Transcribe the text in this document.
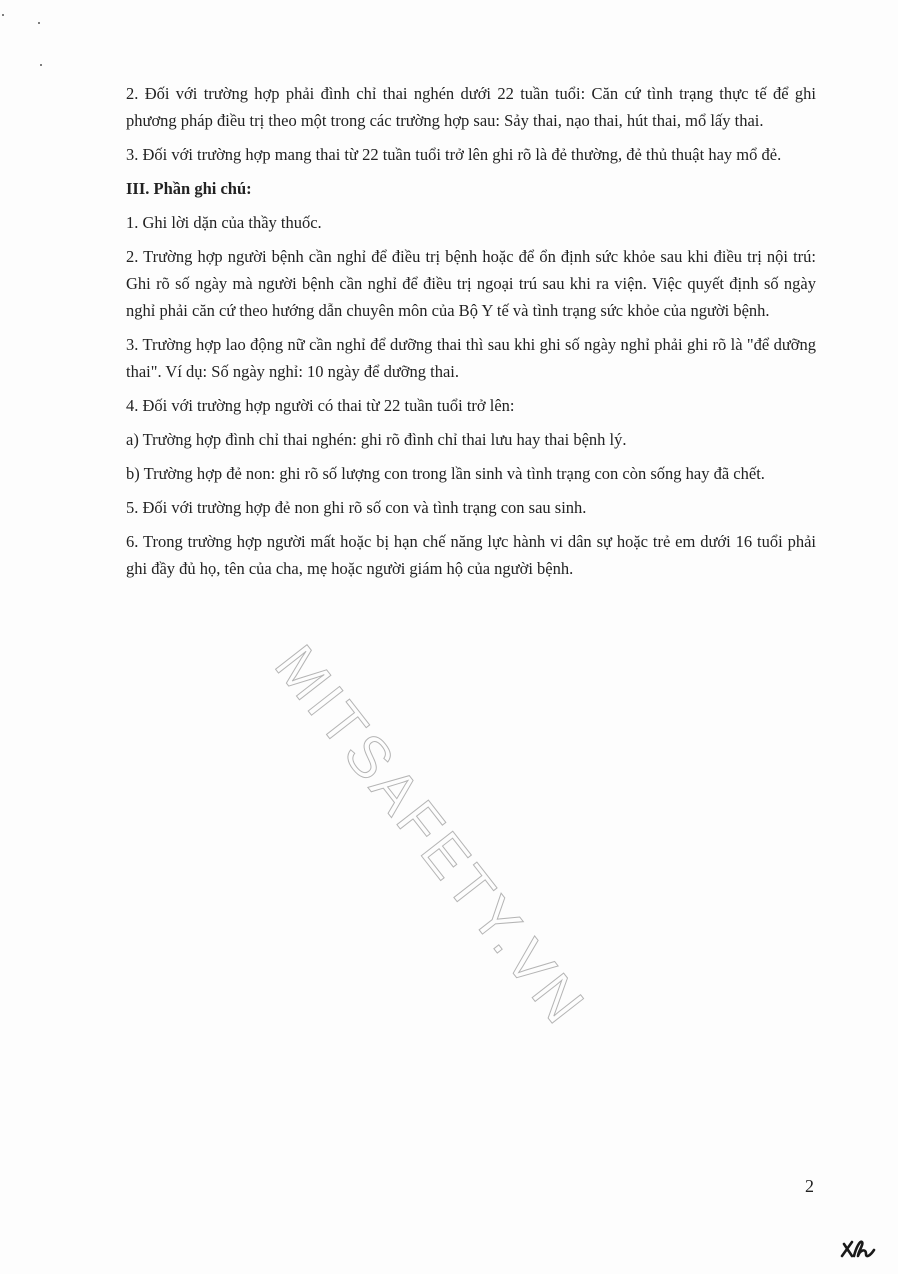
2. Đối với trường hợp phải đình chỉ thai nghén dưới 22 tuần tuổi: Căn cứ tình trạng thực tế để ghi phương pháp điều trị theo một trong các trường hợp sau: Sảy thai, nạo thai, hút thai, mổ lấy thai.

3. Đối với trường hợp mang thai từ 22 tuần tuổi trở lên ghi rõ là đẻ thường, đẻ thủ thuật hay mổ đẻ.

III. Phần ghi chú:

1. Ghi lời dặn của thầy thuốc.

2. Trường hợp người bệnh cần nghỉ để điều trị bệnh hoặc để ổn định sức khỏe sau khi điều trị nội trú: Ghi rõ số ngày mà người bệnh cần nghỉ để điều trị ngoại trú sau khi ra viện. Việc quyết định số ngày nghỉ phải căn cứ theo hướng dẫn chuyên môn của Bộ Y tế và tình trạng sức khỏe của người bệnh.

3. Trường hợp lao động nữ cần nghỉ để dưỡng thai thì sau khi ghi số ngày nghỉ phải ghi rõ là "để dưỡng thai". Ví dụ: Số ngày nghỉ: 10 ngày để dưỡng thai.

4. Đối với trường hợp người có thai từ 22 tuần tuổi trở lên:

a) Trường hợp đình chỉ thai nghén: ghi rõ đình chỉ thai lưu hay thai bệnh lý.

b) Trường hợp đẻ non: ghi rõ số lượng con trong lần sinh và tình trạng con còn sống hay đã chết.

5. Đối với trường hợp đẻ non ghi rõ số con và tình trạng con sau sinh.

6. Trong trường hợp người mất hoặc bị hạn chế năng lực hành vi dân sự hoặc trẻ em dưới 16 tuổi phải ghi đầy đủ họ, tên của cha, mẹ hoặc người giám hộ của người bệnh.

MITSAFETY.VN
2
